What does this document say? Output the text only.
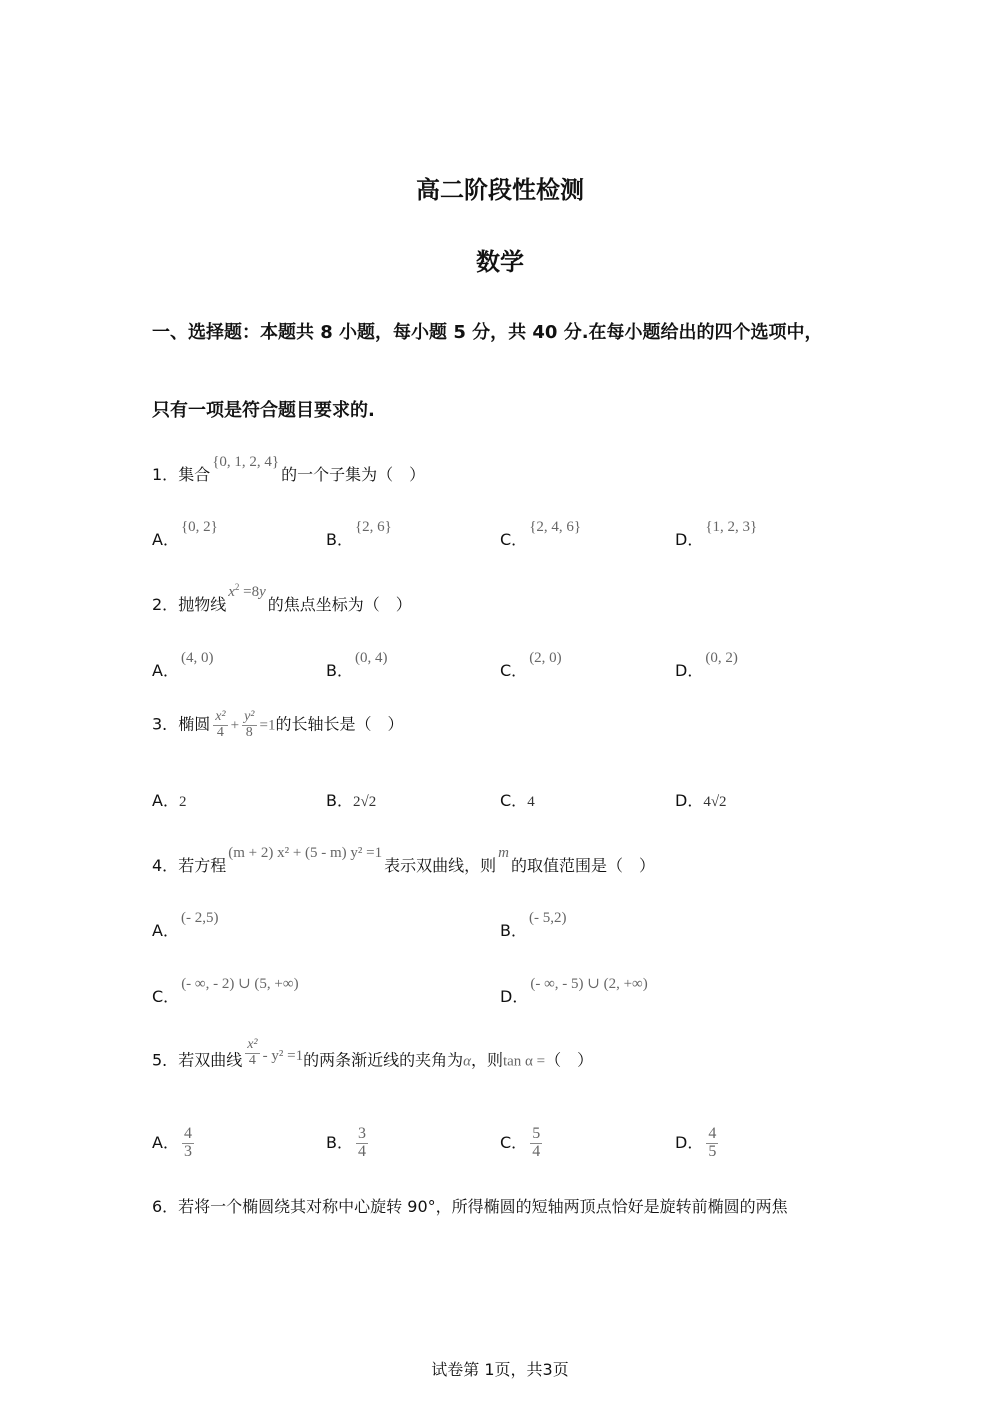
高二阶段性检测
数学
一、选择题：本题共 8 小题，每小题 5 分，共 40 分.在每小题给出的四个选项中，
只有一项是符合题目要求的.
1．集合{0, 1, 2, 4}的一个子集为（　）
A．{0, 2}
B．{2, 6}
C．{2, 4, 6}
D．{1, 2, 3}
2．抛物线$x^2 =8y$的焦点坐标为（　）
A．(4, 0)
B．(0, 4)
C．(2, 0)
D．(0, 2)
3．椭圆 $\frac{\text{x²}}{4} + \frac{\text{y²}}{8} =1$的长轴长是（　）
A．2	B．2√2	C．4	D．4√2
4．若方程(m + 2) x² + (5 - m) y² =1表示双曲线，则m的取值范围是（　）
A．(- 2,5)
B．(- 5,2)
C．(- ∞, - 2) ∪ (5, +∞)
D．(- ∞, - 5) ∪ (2, +∞)
5．若双曲线 $\frac{\text{x²}}{4} - y^2 =1$的两条渐近线的夹角为α，则tan α =（　）
A． $\frac{4}{3}$	B． $\frac{3}{4}$	C． $\frac{5}{4}$	D． $\frac{4}{5}$
6．若将一个椭圆绕其对称中心旋转 90°，所得椭圆的短轴两顶点恰好是旋转前椭圆的两焦
试卷第 1页，共3页
